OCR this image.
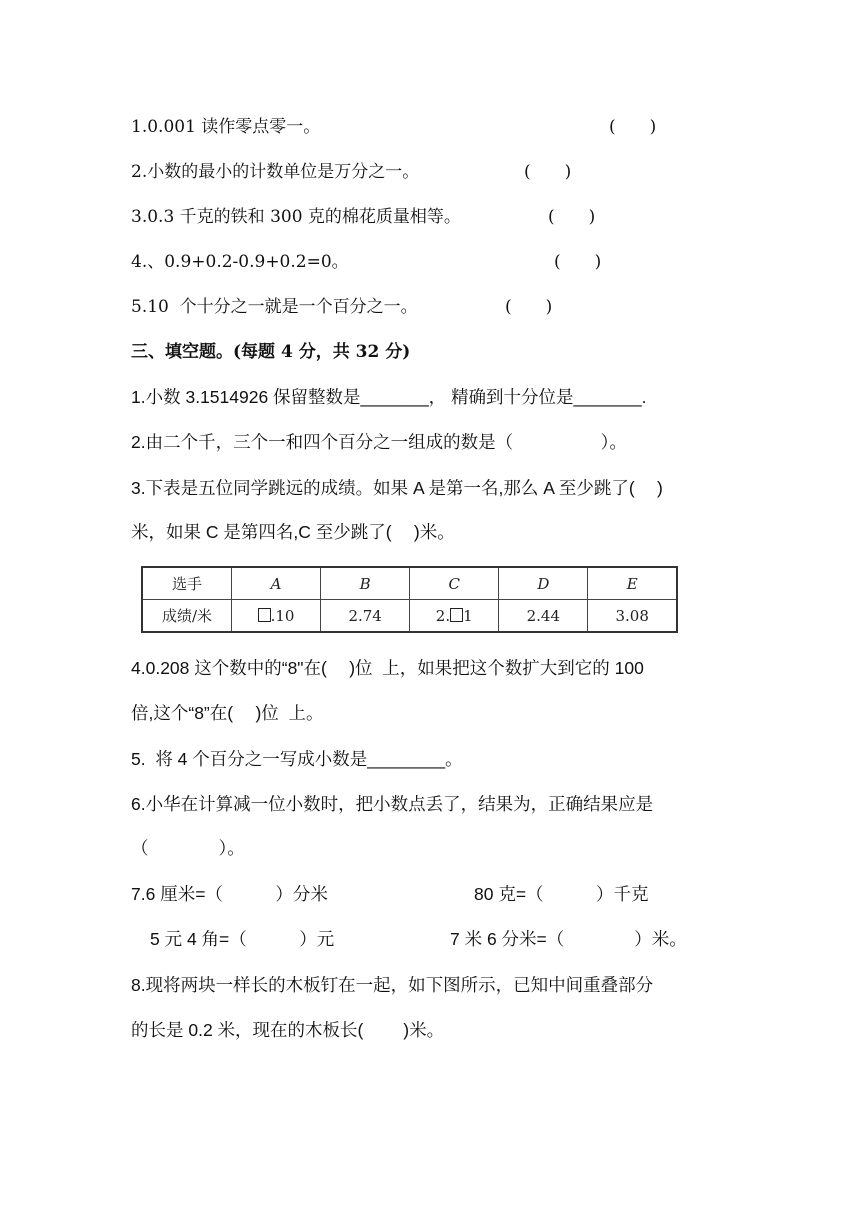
1.0.001 读作零点零一。	(　　)
2.小数的最小的计数单位是万分之一。	(　　)
3.0.3 千克的铁和 300 克的棉花质量相等。	(　　)
4.、0.9+0.2-0.9+0.2=0。	(　　)
5.10  个十分之一就是一个百分之一。	(　　)
三、填空题。(每题 4 分，共 32 分)
1.小数 3.1514926 保留整数是_______， 精确到十分位是_______.
2.由二个千，三个一和四个百分之一组成的数是（　　　　　）。
3.下表是五位同学跳远的成绩。如果 A 是第一名,那么 A 至少跳了(　 )
米，如果 C 是第四名,C 至少跳了(　 )米。
选手	A	B	C	D	E
成绩/米	.10	2.74	2. 1	2.44	3.08
4.0.208 这个数中的“8"在(　 )位  上，如果把这个数扩大到它的 100
倍,这个“8”在(　 )位  上。
5.  将 4 个百分之一写成小数是________。
6.小华在计算减一位小数时，把小数点丢了，结果为，正确结果应是
（　　　　）。
7.6 厘米=（　　　）分米	80 克=（　　　）千克
5 元 4 角=（　　　）元	7 米 6 分米=（　　　　）米。
8.现将两块一样长的木板钉在一起，如下图所示，已知中间重叠部分
的长是 0.2 米，现在的木板长(　　 )米。
